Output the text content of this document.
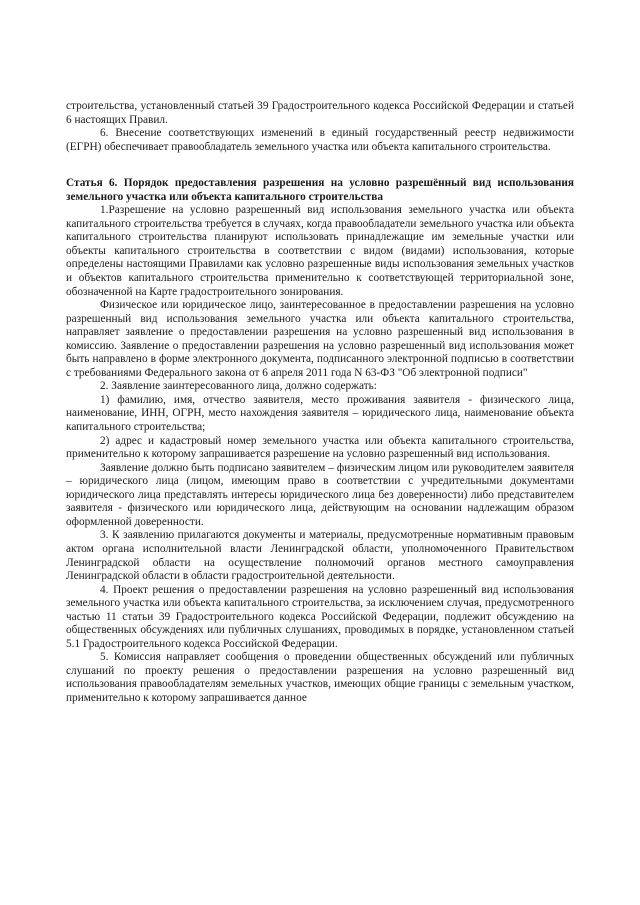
строительства, установленный статьей 39 Градостроительного кодекса Российской Федерации и статьей 6 настоящих Правил.

6. Внесение соответствующих изменений в единый государственный реестр недвижимости (ЕГРН) обеспечивает правообладатель земельного участка или объекта капитального строительства.

Статья 6. Порядок предоставления разрешения на условно разрешённый вид использования земельного участка или объекта капитального строительства

1.Разрешение на условно разрешенный вид использования земельного участка или объекта капитального строительства требуется в случаях, когда правообладатели земельного участка или объекта капитального строительства планируют использовать принадлежащие им земельные участки или объекты капитального строительства в соответствии с видом (видами) использования, которые определены настоящими Правилами как условно разрешенные виды использования земельных участков и объектов капитального строительства применительно к соответствующей территориальной зоне, обозначенной на Карте градостроительного зонирования.

Физическое или юридическое лицо, заинтересованное в предоставлении разрешения на условно разрешенный вид использования земельного участка или объекта капитального строительства, направляет заявление о предоставлении разрешения на условно разрешенный вид использования в комиссию. Заявление о предоставлении разрешения на условно разрешенный вид использования может быть направлено в форме электронного документа, подписанного электронной подписью в соответствии с требованиями Федерального закона от 6 апреля 2011 года N 63-ФЗ "Об электронной подписи"

2. Заявление заинтересованного лица, должно содержать:

1) фамилию, имя, отчество заявителя, место проживания заявителя - физического лица, наименование, ИНН, ОГРН, место нахождения заявителя – юридического лица, наименование объекта капитального строительства;

2) адрес и кадастровый номер земельного участка или объекта капитального строительства, применительно к которому запрашивается разрешение на условно разрешенный вид использования.

Заявление должно быть подписано заявителем – физическим лицом или руководителем заявителя – юридического лица (лицом, имеющим право в соответствии с учредительными документами юридического лица представлять интересы юридического лица без доверенности) либо представителем заявителя - физического или юридического лица, действующим на основании надлежащим образом оформленной доверенности.

3. К заявлению прилагаются документы и материалы, предусмотренные нормативным правовым актом органа исполнительной власти Ленинградской области, уполномоченного Правительством Ленинградской области на осуществление полномочий органов местного самоуправления Ленинградской области в области градостроительной деятельности.

4. Проект решения о предоставлении разрешения на условно разрешенный вид использования земельного участка или объекта капитального строительства, за исключением случая, предусмотренного частью 11 статьи 39 Градостроительного кодекса Российской Федерации, подлежит обсуждению на общественных обсуждениях или публичных слушаниях, проводимых в порядке, установленном статьей 5.1 Градостроительного кодекса Российской Федерации.

5. Комиссия направляет сообщения о проведении общественных обсуждений или публичных слушаний по проекту решения о предоставлении разрешения на условно разрешенный вид использования правообладателям земельных участков, имеющих общие границы с земельным участком, применительно к которому запрашивается данное
